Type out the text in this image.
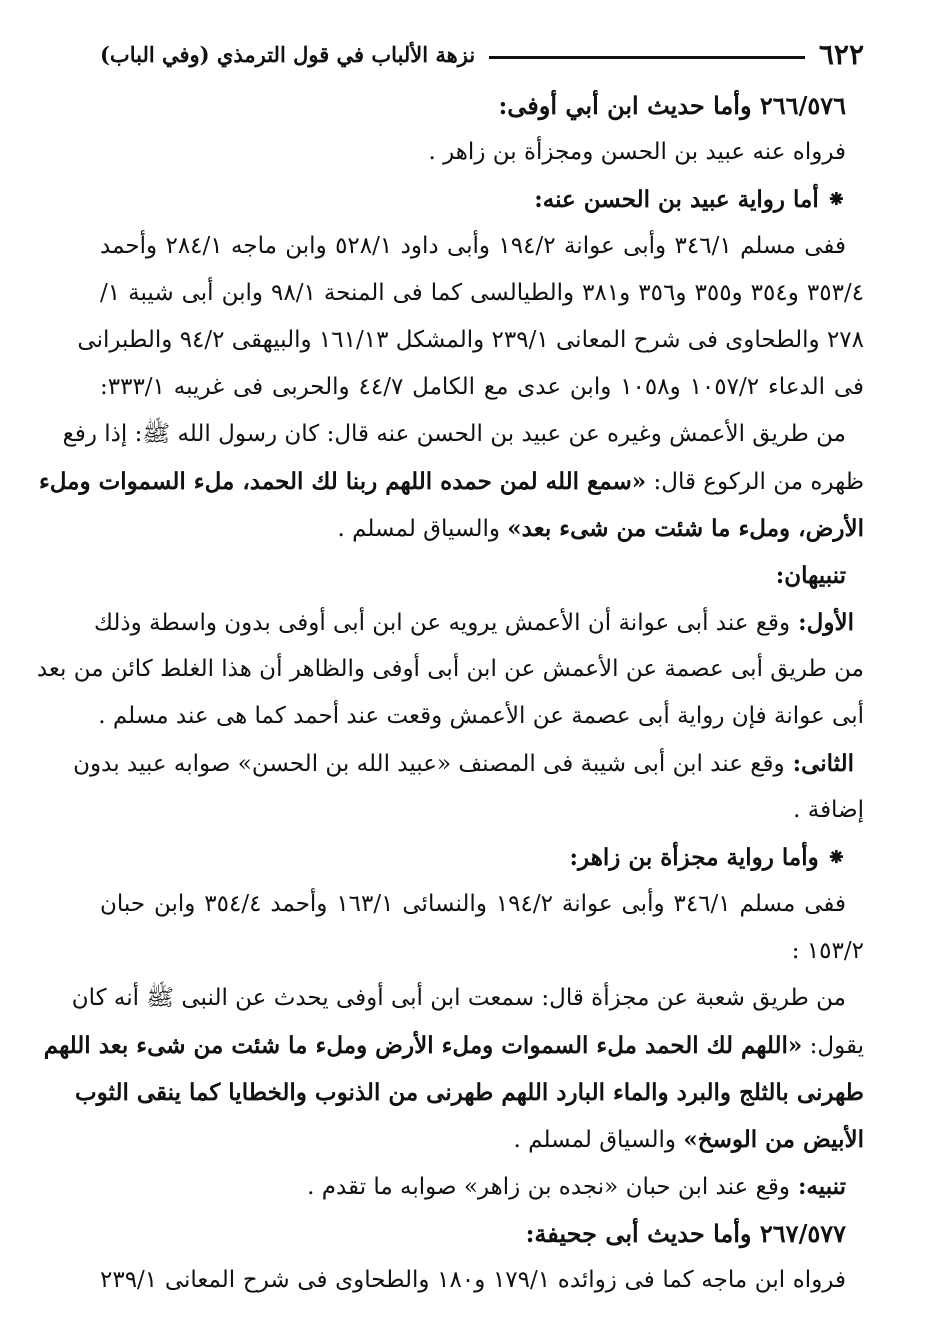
٦٢٢
نزهة الألباب في قول الترمذي (وفي الباب)
٢٦٦/٥٧٦ وأما حديث ابن أبي أوفى:
فرواه عنه عبيد بن الحسن ومجزأة بن زاهر .
⁕ أما رواية عبيد بن الحسن عنه:
ففى مسلم ٣٤٦/١ وأبى عوانة ١٩٤/٢ وأبى داود ٥٢٨/١ وابن ماجه ٢٨٤/١ وأحمد
٣٥٣/٤ و٣٥٤ و٣٥٥ و٣٥٦ و٣٨١ والطيالسى كما فى المنحة ٩٨/١ وابن أبى شيبة ١/
٢٧٨ والطحاوى فى شرح المعانى ٢٣٩/١ والمشكل ١٦١/١٣ والبيهقى ٩٤/٢ والطبرانى
فى الدعاء ١٠٥٧/٢ و١٠٥٨ وابن عدى مع الكامل ٤٤/٧ والحربى فى غريبه ٣٣٣/١:
من طريق الأعمش وغيره عن عبيد بن الحسن عنه قال: كان رسول الله ﷺ: إذا رفع
ظهره من الركوع قال: «سمع الله لمن حمده اللهم ربنا لك الحمد، ملء السموات وملء
الأرض، وملء ما شئت من شىء بعد» والسياق لمسلم .
تنبيهان:
الأول: وقع عند أبى عوانة أن الأعمش يرويه عن ابن أبى أوفى بدون واسطة وذلك
من طريق أبى عصمة عن الأعمش عن ابن أبى أوفى والظاهر أن هذا الغلط كائن من بعد
أبى عوانة فإن رواية أبى عصمة عن الأعمش وقعت عند أحمد كما هى عند مسلم .
الثانى: وقع عند ابن أبى شيبة فى المصنف «عبيد الله بن الحسن» صوابه عبيد بدون
إضافة .
⁕ وأما رواية مجزأة بن زاهر:
ففى مسلم ٣٤٦/١ وأبى عوانة ١٩٤/٢ والنسائى ١٦٣/١ وأحمد ٣٥٤/٤ وابن حبان
١٥٣/٢ :
من طريق شعبة عن مجزأة قال: سمعت ابن أبى أوفى يحدث عن النبى ﷺ أنه كان
يقول: «اللهم لك الحمد ملء السموات وملء الأرض وملء ما شئت من شىء بعد اللهم
طهرنى بالثلج والبرد والماء البارد اللهم طهرنى من الذنوب والخطايا كما ينقى الثوب
الأبيض من الوسخ» والسياق لمسلم .
تنبيه: وقع عند ابن حبان «نجده بن زاهر» صوابه ما تقدم .
٢٦٧/٥٧٧ وأما حديث أبى جحيفة:
فرواه ابن ماجه كما فى زوائده ١٧٩/١ و١٨٠ والطحاوى فى شرح المعانى ٢٣٩/١
